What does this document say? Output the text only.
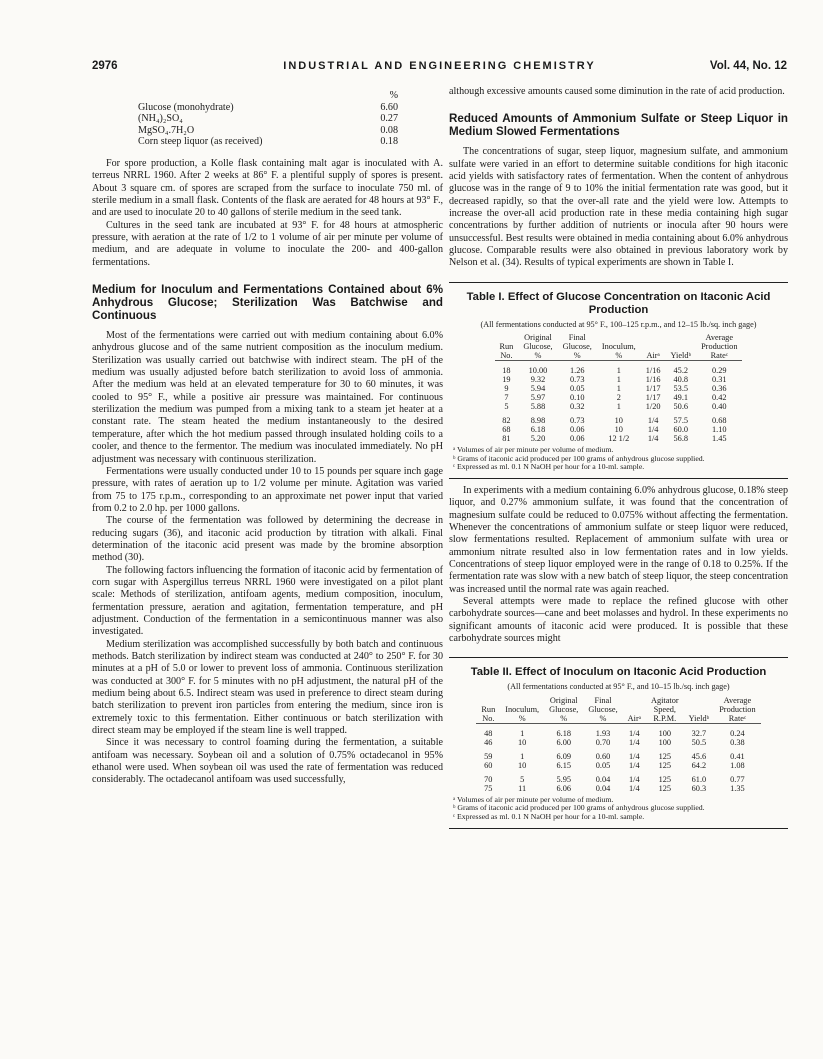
2976	INDUSTRIAL AND ENGINEERING CHEMISTRY	Vol. 44, No. 12
%
Glucose (monohydrate)	6.60
(NH₄)₂SO₄	0.27
MgSO₄.7H₂O	0.08
Corn steep liquor (as received)	0.18

For spore production, a Kolle flask containing malt agar is inoculated with A. terreus NRRL 1960. After 2 weeks at 86° F. a plentiful supply of spores is present. About 3 square cm. of spores are scraped from the surface to inoculate 750 ml. of sterile medium in a small flask. Contents of the flask are aerated for 48 hours at 93° F., and are used to inoculate 20 to 40 gallons of sterile medium in the seed tank.

Cultures in the seed tank are incubated at 93° F. for 48 hours at atmospheric pressure, with aeration at the rate of 1/2 to 1 volume of air per minute per volume of medium, and are adequate in volume to inoculate the 200- and 400-gallon fermentations.

Medium for Inoculum and Fermentations Contained about 6% Anhydrous Glucose; Sterilization Was Batchwise and Continuous

Most of the fermentations were carried out with medium containing about 6.0% anhydrous glucose and of the same nutrient composition as the inoculum medium. Sterilization was usually carried out batchwise with indirect steam. The pH of the medium was usually adjusted before batch sterilization to avoid loss of ammonia. After the medium was held at an elevated temperature for 30 to 60 minutes, it was cooled to 95° F., while a positive air pressure was maintained. For continuous sterilization the medium was pumped from a mixing tank to a steam jet heater at a constant rate. The steam heated the medium instantaneously to the desired temperature, after which the hot medium passed through insulated holding coils to a cooler, and thence to the fermentor. The medium was inoculated immediately. No pH adjustment was necessary with continuous sterilization.

Fermentations were usually conducted under 10 to 15 pounds per square inch gage pressure, with rates of aeration up to 1/2 volume per minute. Agitation was varied from 75 to 175 r.p.m., corresponding to an approximate net power input that varied from 0.2 to 2.0 hp. per 1000 gallons.

The course of the fermentation was followed by determining the decrease in reducing sugars (36), and itaconic acid production by titration with alkali. Final determination of the itaconic acid present was made by the bromine absorption method (30).

The following factors influencing the formation of itaconic acid by fermentation of corn sugar with Aspergillus terreus NRRL 1960 were investigated on a pilot plant scale: Methods of sterilization, antifoam agents, medium composition, inoculum, fermentation pressure, aeration and agitation, fermentation temperature, and pH adjustment. Conduction of the fermentation in a semicontinuous manner was also investigated.

Medium sterilization was accomplished successfully by both batch and continuous methods. Batch sterilization by indirect steam was conducted at 240° to 250° F. for 30 minutes at a pH of 5.0 or lower to prevent loss of ammonia. Continuous sterilization was conducted at 300° F. for 5 minutes with no pH adjustment, the natural pH of the medium being about 6.5. Indirect steam was used in preference to direct steam during batch sterilization to prevent iron particles from entering the medium, since iron is extremely toxic to this fermentation. Either continuous or batch sterilization with direct steam may be employed if the steam line is well trapped.

Since it was necessary to control foaming during the fermentation, a suitable antifoam was necessary. Soybean oil and a solution of 0.75% octadecanol in 95% ethanol were used. When soybean oil was used the rate of fermentation was reduced considerably. The octadecanol antifoam was used successfully,

although excessive amounts caused some diminution in the rate of acid production.

Reduced Amounts of Ammonium Sulfate or Steep Liquor in Medium Slowed Fermentations

The concentrations of sugar, steep liquor, magnesium sulfate, and ammonium sulfate were varied in an effort to determine suitable conditions for high itaconic acid yields with satisfactory rates of fermentation. When the content of anhydrous glucose was in the range of 9 to 10% the initial fermentation rate was good, but it decreased rapidly, so that the over-all rate and the yield were low. Attempts to increase the over-all acid production rate in these media containing high sugar concentrations by further addition of nutrients or inocula after 90 hours were unsuccessful. Best results were obtained in media containing about 6.0% anhydrous glucose. Comparable results were also obtained in previous laboratory work by Nelson et al. (34). Results of typical experiments are shown in Table I.

Table I. Effect of Glucose Concentration on Itaconic Acid Production
(All fermentations conducted at 95° F., 100–125 r.p.m., and 12–15 lb./sq. inch gage)
Run
No.	Original
Glucose,
%	Final
Glucose,
%	Inoculum,
%	Airᵃ	Yieldᵇ	Average
Production
Rateᶜ
18	10.00	1.26	1	1/16	45.2	0.29
19	9.32	0.73	1	1/16	40.8	0.31
9	5.94	0.05	1	1/17	53.5	0.36
7	5.97	0.10	2	1/17	49.1	0.42
5	5.88	0.32	1	1/20	50.6	0.40
82	8.98	0.73	10	1/4	57.5	0.68
68	6.18	0.06	10	1/4	60.0	1.10
81	5.20	0.06	12 1/2	1/4	56.8	1.45
ᵃ Volumes of air per minute per volume of medium.
ᵇ Grams of itaconic acid produced per 100 grams of anhydrous glucose supplied.
ᶜ Expressed as ml. 0.1 N NaOH per hour for a 10-ml. sample.

In experiments with a medium containing 6.0% anhydrous glucose, 0.18% steep liquor, and 0.27% ammonium sulfate, it was found that the concentration of magnesium sulfate could be reduced to 0.075% without affecting the fermentation. Whenever the concentrations of ammonium sulfate or steep liquor were reduced, slow fermentations resulted. Replacement of ammonium sulfate with urea or ammonium nitrate resulted also in low fermentation rates and in low yields. Concentrations of steep liquor employed were in the range of 0.18 to 0.25%. If the fermentation rate was slow with a new batch of steep liquor, the steep concentration was increased until the normal rate was again reached.

Several attempts were made to replace the refined glucose with other carbohydrate sources—cane and beet molasses and hydrol. In these experiments no significant amounts of itaconic acid were produced. It is possible that these carbohydrate sources might

Table II. Effect of Inoculum on Itaconic Acid Production
(All fermentations conducted at 95° F., and 10–15 lb./sq. inch gage)
Run
No.	Inoculum,
%	Original
Glucose,
%	Final
Glucose,
%	Airᵃ	Agitator
Speed,
R.P.M.	Yieldᵇ	Average
Production
Rateᶜ
48	1	6.18	1.93	1/4	100	32.7	0.24
46	10	6.00	0.70	1/4	100	50.5	0.38
59	1	6.09	0.60	1/4	125	45.6	0.41
60	10	6.15	0.05	1/4	125	64.2	1.08
70	5	5.95	0.04	1/4	125	61.0	0.77
75	11	6.06	0.04	1/4	125	60.3	1.35
ᵃ Volumes of air per minute per volume of medium.
ᵇ Grams of itaconic acid produced per 100 grams of anhydrous glucose supplied.
ᶜ Expressed as ml. 0.1 N NaOH per hour for a 10-ml. sample.
